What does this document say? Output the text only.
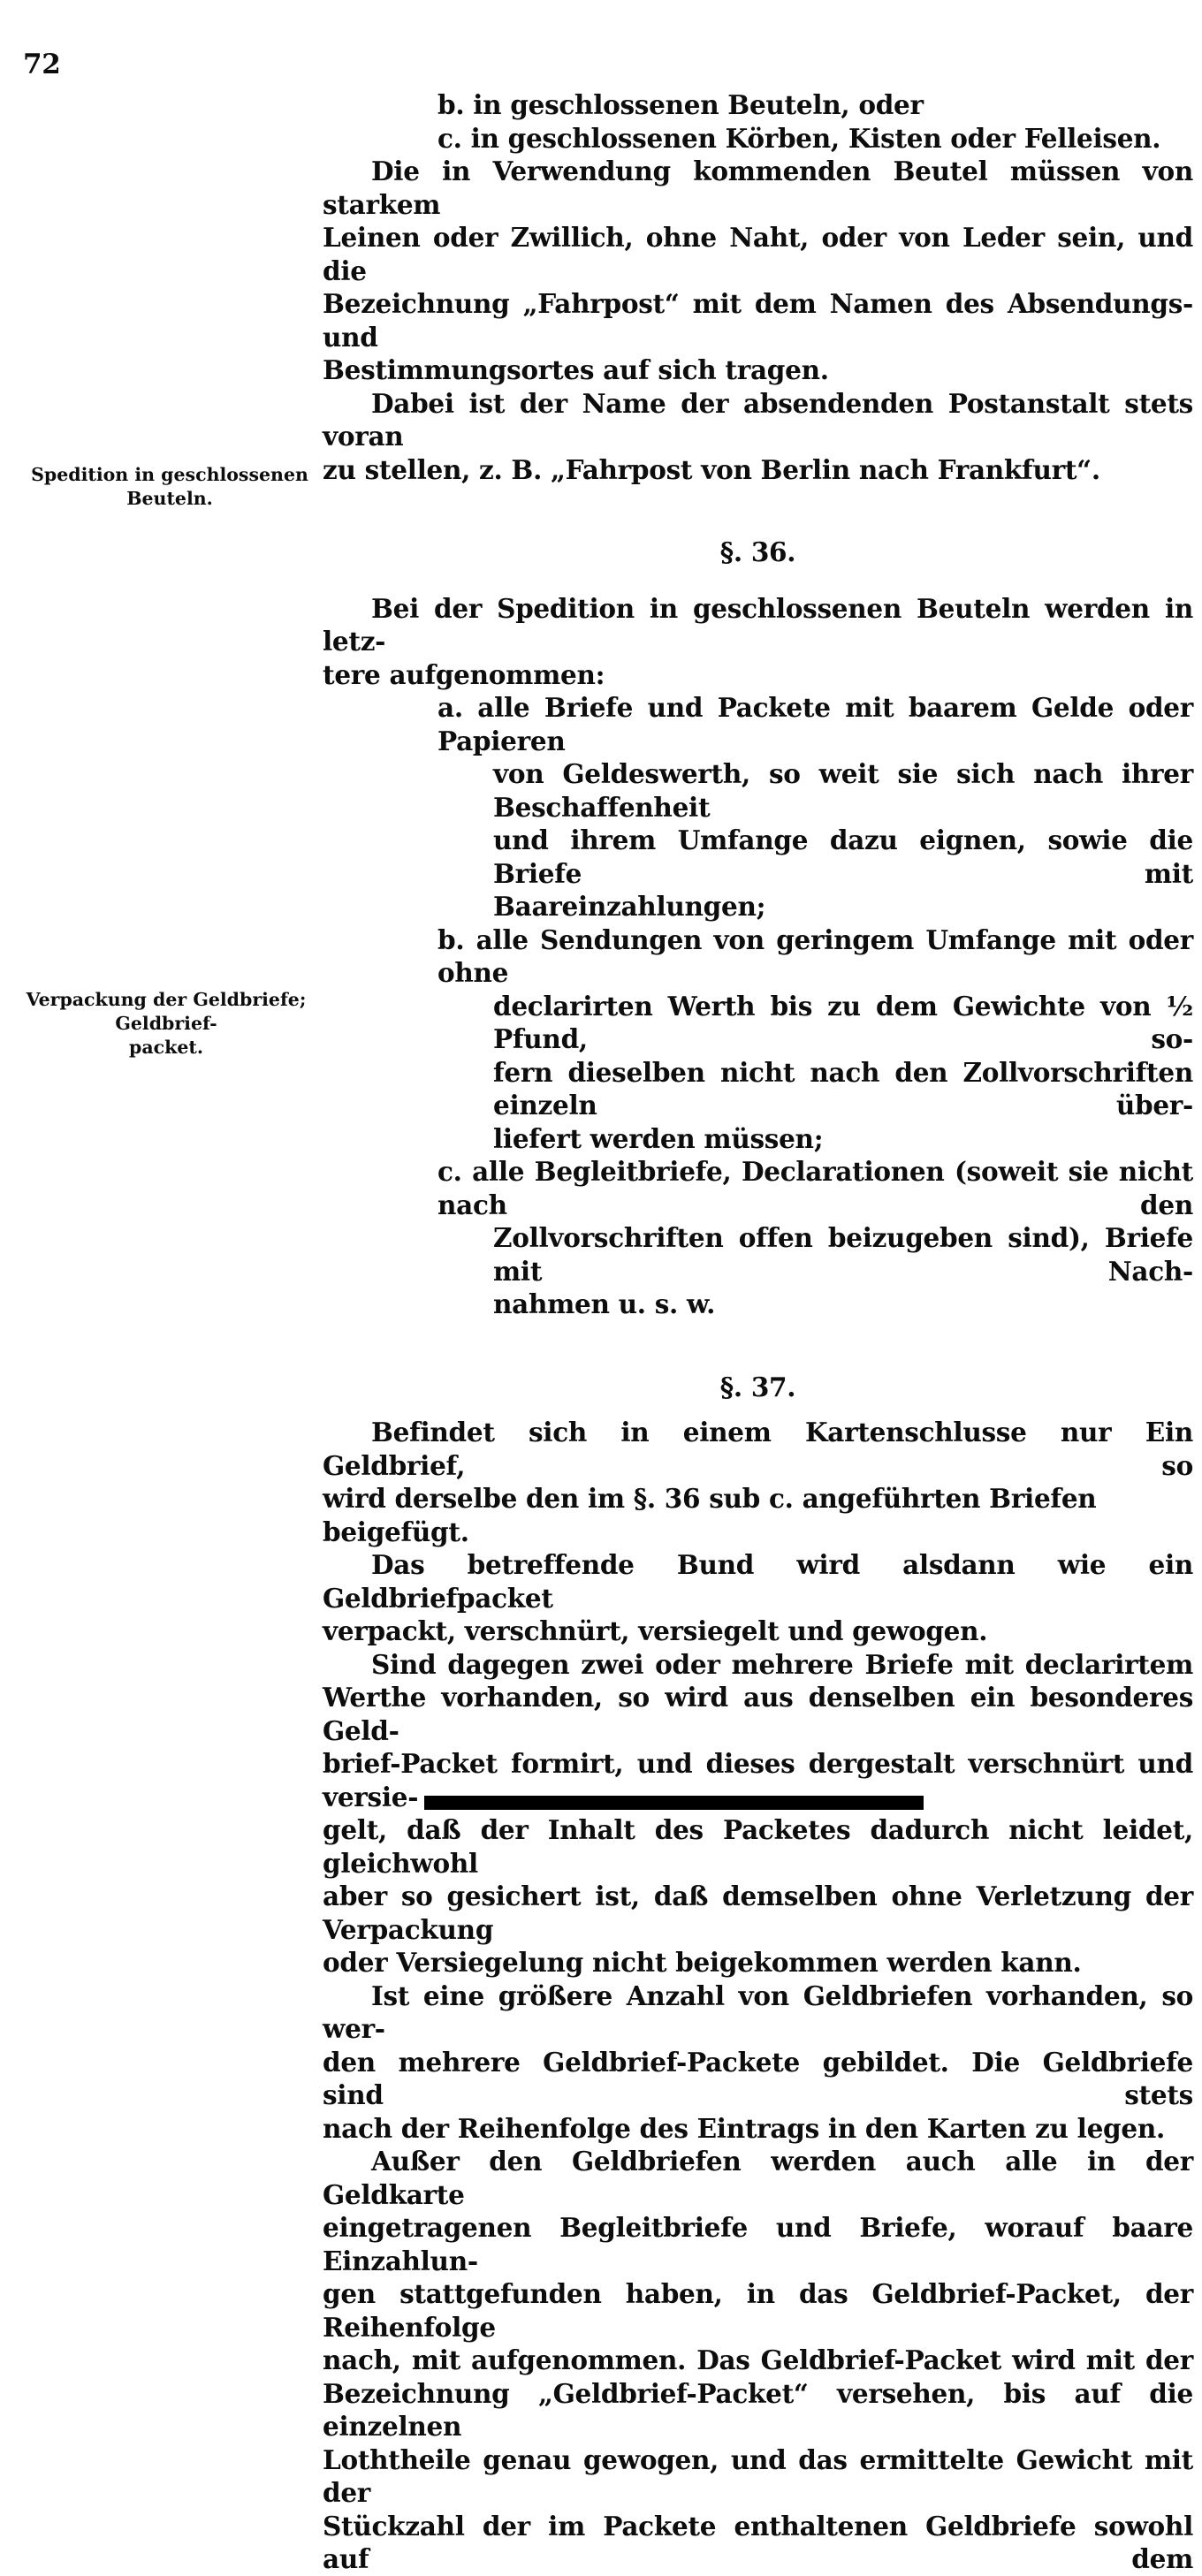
72
Spedition in geschlossenen Beuteln.
Verpackung der Geldbriefe; Geldbrief-
packet.
b. in geschlossenen Beuteln, oder
c. in geschlossenen Körben, Kisten oder Felleisen.
Die in Verwendung kommenden Beutel müssen von starkem
Leinen oder Zwillich, ohne Naht, oder von Leder sein, und die
Bezeichnung „Fahrpost“ mit dem Namen des Absendungs- und
Bestimmungsortes auf sich tragen.
Dabei ist der Name der absendenden Postanstalt stets voran
zu stellen, z. B. „Fahrpost von Berlin nach Frankfurt“.
§. 36.
Bei der Spedition in geschlossenen Beuteln werden in letz-
tere aufgenommen:
a. alle Briefe und Packete mit baarem Gelde oder Papieren
von Geldeswerth, so weit sie sich nach ihrer Beschaffenheit
und ihrem Umfange dazu eignen, sowie die Briefe mit
Baareinzahlungen;
b. alle Sendungen von geringem Umfange mit oder ohne
declarirten Werth bis zu dem Gewichte von ½ Pfund, so-
fern dieselben nicht nach den Zollvorschriften einzeln über-
liefert werden müssen;
c. alle Begleitbriefe, Declarationen (soweit sie nicht nach den
Zollvorschriften offen beizugeben sind), Briefe mit Nach-
nahmen u. s. w.
§. 37.
Befindet sich in einem Kartenschlusse nur Ein Geldbrief, so
wird derselbe den im §. 36 sub c. angeführten Briefen beigefügt.
Das betreffende Bund wird alsdann wie ein Geldbriefpacket
verpackt, verschnürt, versiegelt und gewogen.
Sind dagegen zwei oder mehrere Briefe mit declarirtem
Werthe vorhanden, so wird aus denselben ein besonderes Geld-
brief-Packet formirt, und dieses dergestalt verschnürt und versie-
gelt, daß der Inhalt des Packetes dadurch nicht leidet, gleichwohl
aber so gesichert ist, daß demselben ohne Verletzung der Verpackung
oder Versiegelung nicht beigekommen werden kann.
Ist eine größere Anzahl von Geldbriefen vorhanden, so wer-
den mehrere Geldbrief-Packete gebildet. Die Geldbriefe sind stets
nach der Reihenfolge des Eintrags in den Karten zu legen.
Außer den Geldbriefen werden auch alle in der Geldkarte
eingetragenen Begleitbriefe und Briefe, worauf baare Einzahlun-
gen stattgefunden haben, in das Geldbrief-Packet, der Reihenfolge
nach, mit aufgenommen. Das Geldbrief-Packet wird mit der
Bezeichnung „Geldbrief-Packet“ versehen, bis auf die einzelnen
Loththeile genau gewogen, und das ermittelte Gewicht mit der
Stückzahl der im Packete enthaltenen Geldbriefe sowohl auf dem
